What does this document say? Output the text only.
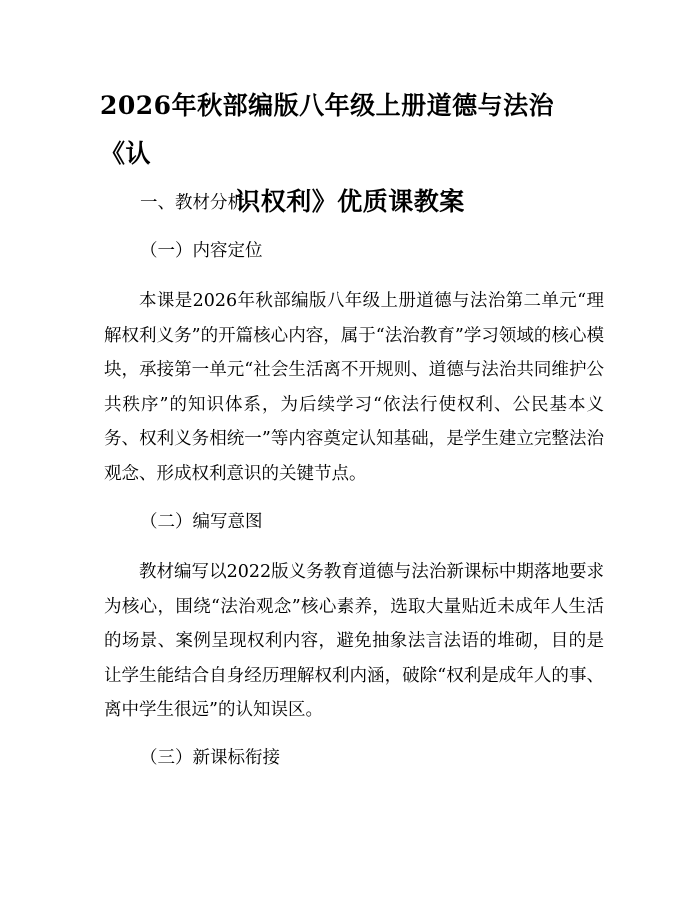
2026年秋部编版八年级上册道德与法治《认
识权利》优质课教案
一、教材分析
（一）内容定位

本课是2026年秋部编版八年级上册道德与法治第二单元“理解权利义务”的开篇核心内容，属于“法治教育”学习领域的核心模块，承接第一单元“社会生活离不开规则、道德与法治共同维护公共秩序”的知识体系，为后续学习“依法行使权利、公民基本义务、权利义务相统一”等内容奠定认知基础，是学生建立完整法治观念、形成权利意识的关键节点。

（二）编写意图

教材编写以2022版义务教育道德与法治新课标中期落地要求为核心，围绕“法治观念”核心素养，选取大量贴近未成年人生活的场景、案例呈现权利内容，避免抽象法言法语的堆砌，目的是让学生能结合自身经历理解权利内涵，破除“权利是成年人的事、离中学生很远”的认知误区。

（三）新课标衔接
